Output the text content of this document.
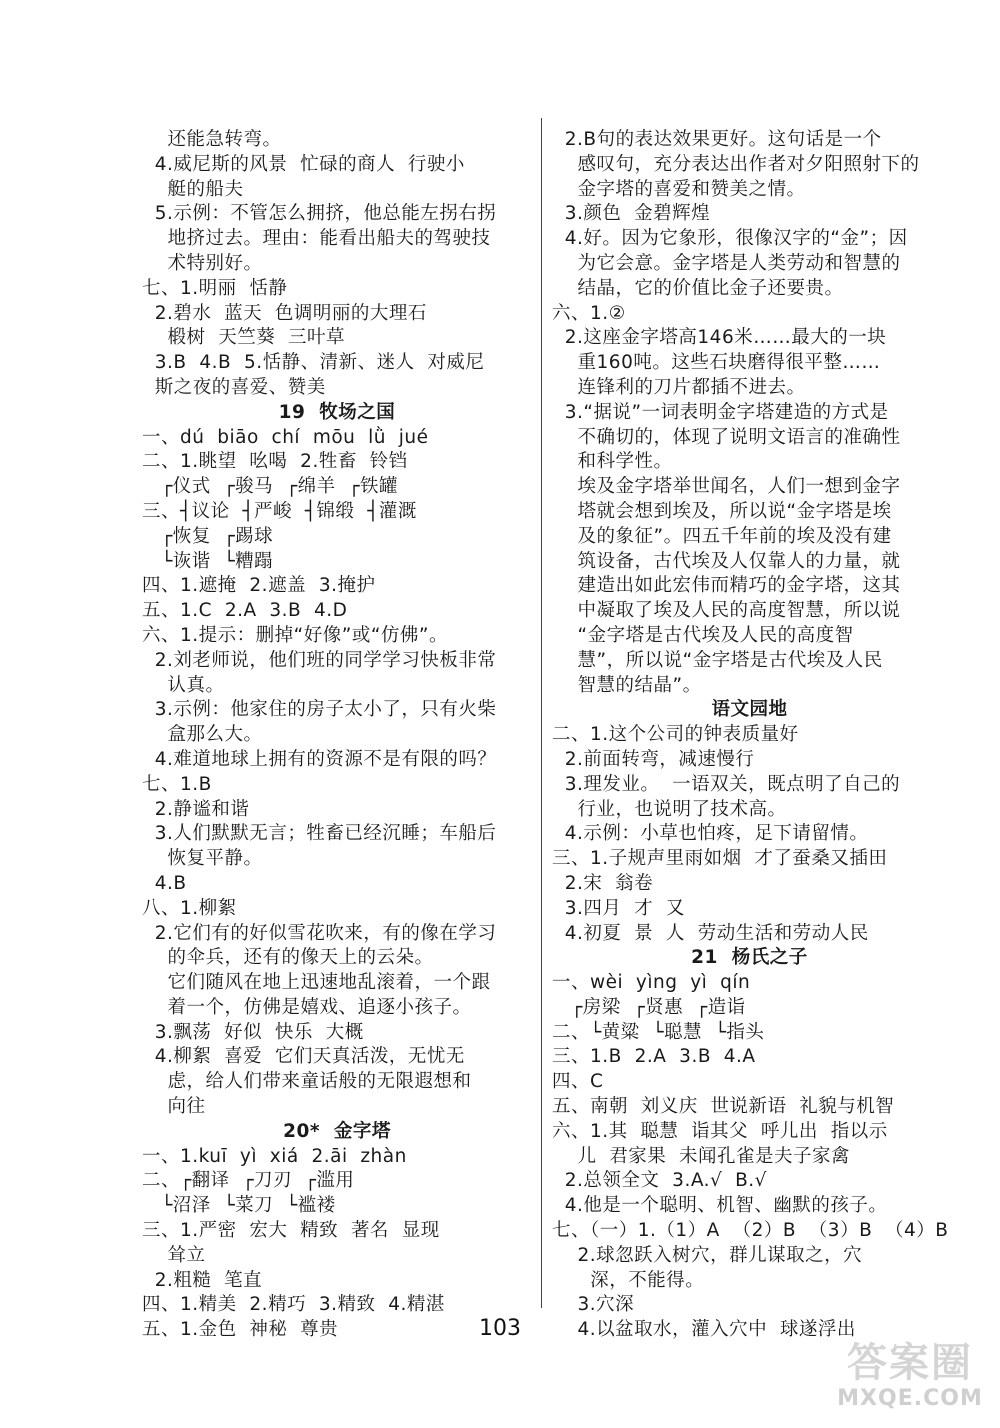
还能急转弯。
4.威尼斯的风景  忙碌的商人  行驶小
艇的船夫
5.示例：不管怎么拥挤，他总能左拐右拐
地挤过去。理由：能看出船夫的驾驶技
术特别好。
七、1.明丽  恬静
2.碧水  蓝天  色调明丽的大理石
椴树  天竺葵  三叶草
3.B  4.B  5.恬静、清新、迷人  对威尼
斯之夜的喜爱、赞美
19  牧场之国
一、dú  biāo  chí  mōu  lǜ  jué
二、1.眺望  吆喝  2.牲畜  铃铛
┌仪式  ┌骏马  ┌绵羊  ┌铁罐
三、┤议论  ┤严峻  ┤锦缎  ┤灌溉
┌恢复  ┌踢球
└诙谐  └糟蹋
四、1.遮掩  2.遮盖  3.掩护
五、1.C  2.A  3.B  4.D
六、1.提示：删掉“好像”或“仿佛”。
2.刘老师说，他们班的同学学习快板非常
认真。
3.示例：他家住的房子太小了，只有火柴
盒那么大。
4.难道地球上拥有的资源不是有限的吗？
七、1.B
2.静谧和谐
3.人们默默无言；牲畜已经沉睡；车船后
恢复平静。
4.B
八、1.柳絮
2.它们有的好似雪花吹来，有的像在学习
的伞兵，还有的像天上的云朵。
它们随风在地上迅速地乱滚着，一个跟
着一个，仿佛是嬉戏、追逐小孩子。
3.飘荡  好似  快乐  大概
4.柳絮  喜爱  它们天真活泼，无忧无
虑，给人们带来童话般的无限遐想和
向往
20*  金字塔
一、1.kuī  yì  xiá  2.āi  zhàn
二、┌翻译  ┌刀刃  ┌滥用
└沼泽  └菜刀  └褴褛
三、1.严密  宏大  精致  著名  显现
耸立
2.粗糙  笔直
四、1.精美  2.精巧  3.精致  4.精湛
五、1.金色  神秘  尊贵
2.B句的表达效果更好。这句话是一个
感叹句，充分表达出作者对夕阳照射下的
金字塔的喜爱和赞美之情。
3.颜色  金碧辉煌
4.好。因为它象形，很像汉字的“金”；因
为它会意。金字塔是人类劳动和智慧的
结晶，它的价值比金子还要贵。
六、1.②
2.这座金字塔高146米……最大的一块
重160吨。这些石块磨得很平整……
连锋利的刀片都插不进去。
3.“据说”一词表明金字塔建造的方式是
不确切的，体现了说明文语言的准确性
和科学性。
埃及金字塔举世闻名，人们一想到金字
塔就会想到埃及，所以说“金字塔是埃
及的象征”。四五千年前的埃及没有建
筑设备，古代埃及人仅靠人的力量，就
建造出如此宏伟而精巧的金字塔，这其
中凝取了埃及人民的高度智慧，所以说
“金字塔是古代埃及人民的高度智
慧”，所以说“金字塔是古代埃及人民
智慧的结晶”。
语文园地
二、1.这个公司的钟表质量好
2.前面转弯，减速慢行
3.理发业。  一语双关，既点明了自己的
行业，也说明了技术高。
4.示例：小草也怕疼，足下请留情。
三、1.子规声里雨如烟  才了蚕桑又插田
2.宋  翁卷
3.四月  才  又
4.初夏  景  人  劳动生活和劳动人民
21  杨氏之子
一、wèi  yìng  yì  qín
┌房梁  ┌贤惠  ┌造诣
二、└黄粱  └聪慧  └指头
三、1.B  2.A  3.B  4.A
四、C
五、南朝  刘义庆  世说新语  礼貌与机智
六、1.其  聪慧  诣其父  呼儿出  指以示
儿  君家果  未闻孔雀是夫子家禽
2.总领全文  3.A.√  B.√
4.他是一个聪明、机智、幽默的孩子。
七、（一）1.（1）A  （2）B  （3）B  （4）B
2.球忽跃入树穴，群儿谋取之，穴
深，不能得。
3.穴深
4.以盆取水，灌入穴中  球遂浮出
103
答案圈
MXQE.COM
